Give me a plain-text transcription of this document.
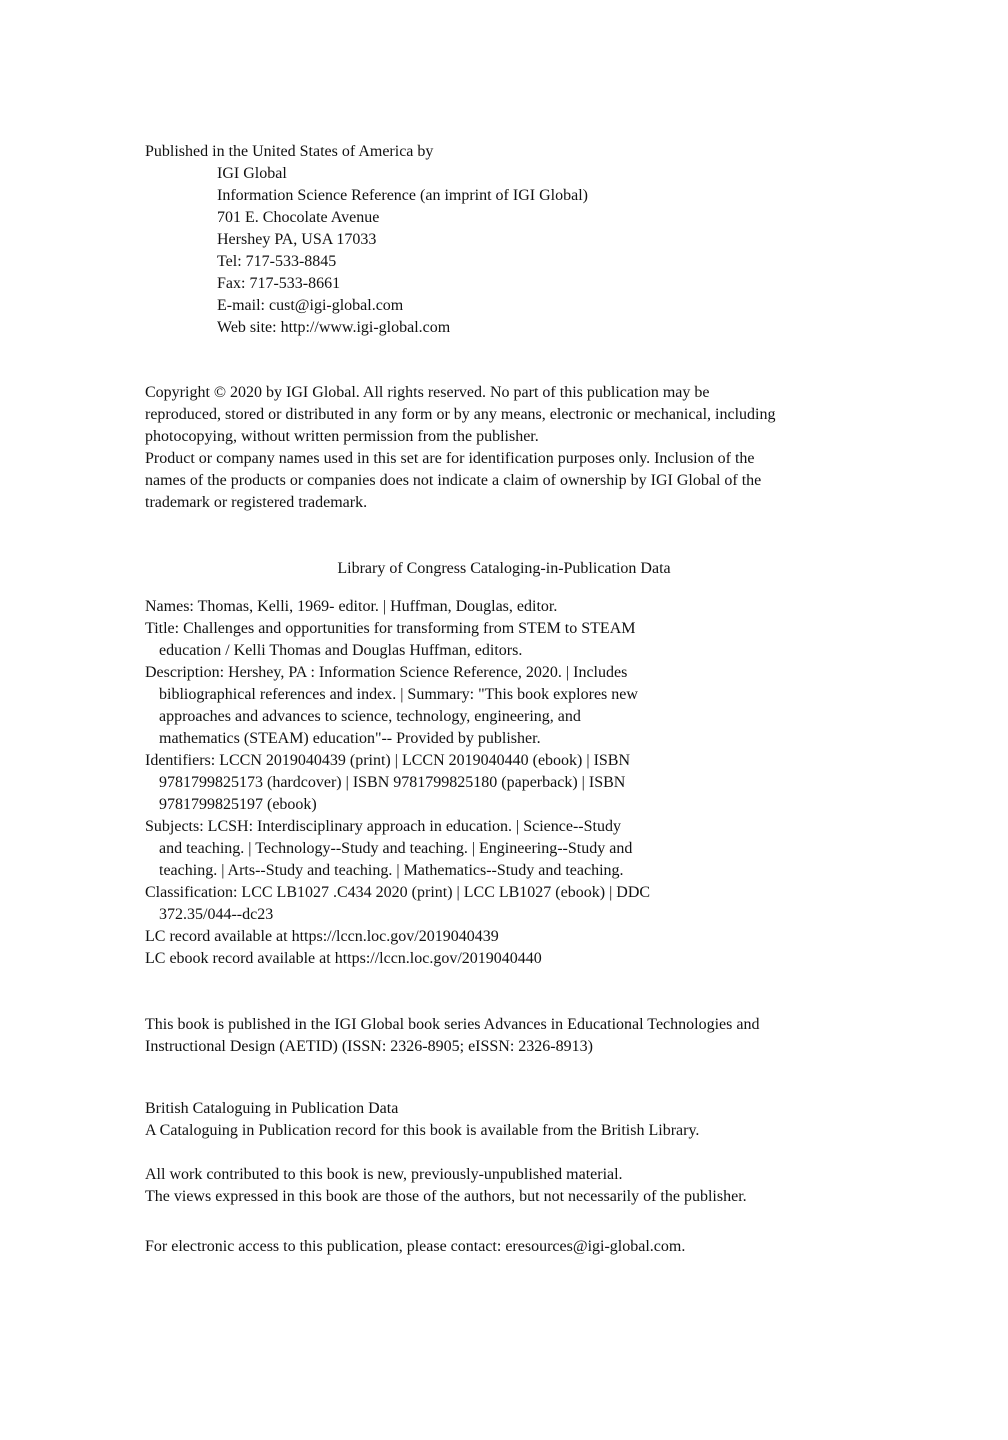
Published in the United States of America by
IGI Global
Information Science Reference (an imprint of IGI Global)
701 E. Chocolate Avenue
Hershey PA, USA 17033
Tel: 717-533-8845
Fax: 717-533-8661
E-mail: cust@igi-global.com
Web site: http://www.igi-global.com
Copyright © 2020 by IGI Global. All rights reserved. No part of this publication may be
reproduced, stored or distributed in any form or by any means, electronic or mechanical, including
photocopying, without written permission from the publisher.
Product or company names used in this set are for identification purposes only. Inclusion of the
names of the products or companies does not indicate a claim of ownership by IGI Global of the
trademark or registered trademark.
Library of Congress Cataloging-in-Publication Data
Names: Thomas, Kelli, 1969- editor. | Huffman, Douglas, editor.
Title: Challenges and opportunities for transforming from STEM to STEAM
education / Kelli Thomas and Douglas Huffman, editors.
Description: Hershey, PA : Information Science Reference, 2020. | Includes
bibliographical references and index. | Summary: "This book explores new
approaches and advances to science, technology, engineering, and
mathematics (STEAM) education"-- Provided by publisher.
Identifiers: LCCN 2019040439 (print) | LCCN 2019040440 (ebook) | ISBN
9781799825173 (hardcover) | ISBN 9781799825180 (paperback) | ISBN
9781799825197 (ebook)
Subjects: LCSH: Interdisciplinary approach in education. | Science--Study
and teaching. | Technology--Study and teaching. | Engineering--Study and
teaching. | Arts--Study and teaching. | Mathematics--Study and teaching.
Classification: LCC LB1027 .C434 2020 (print) | LCC LB1027 (ebook) | DDC
372.35/044--dc23
LC record available at https://lccn.loc.gov/2019040439
LC ebook record available at https://lccn.loc.gov/2019040440
This book is published in the IGI Global book series Advances in Educational Technologies and
Instructional Design (AETID) (ISSN: 2326-8905; eISSN: 2326-8913)
British Cataloguing in Publication Data
A Cataloguing in Publication record for this book is available from the British Library.
All work contributed to this book is new, previously-unpublished material.
The views expressed in this book are those of the authors, but not necessarily of the publisher.
For electronic access to this publication, please contact: eresources@igi-global.com.
